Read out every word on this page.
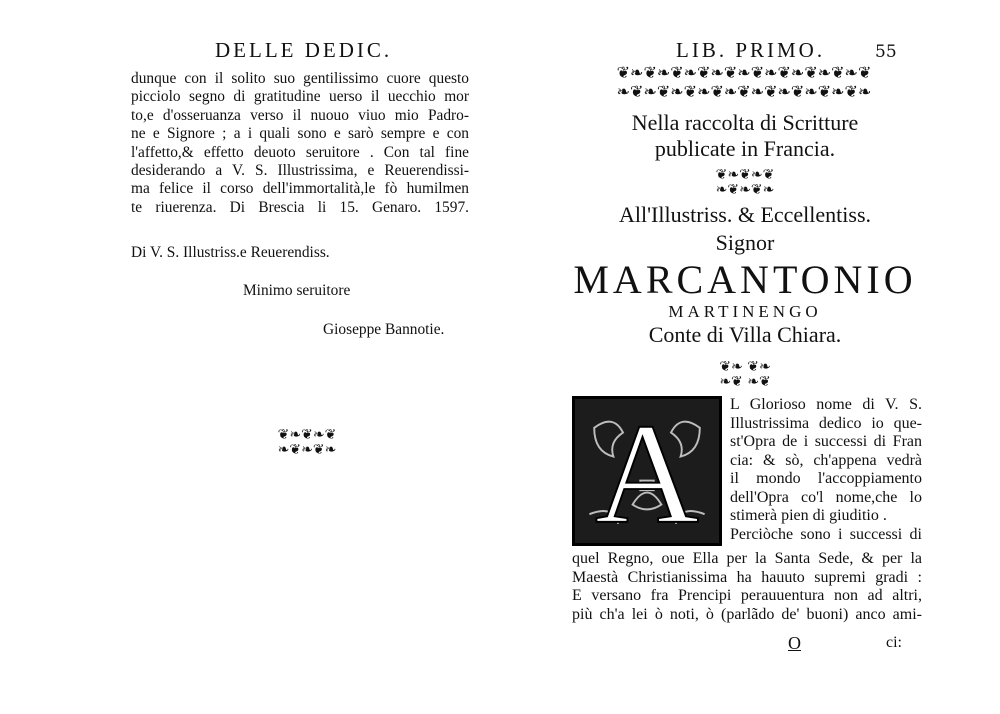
DELLE DEDIC.
dunque con il solito suo gentilissimo cuore questo
picciolo segno di gratitudine uerso il uecchio mor
to,e d'osseruanza verso il nuouo viuo mio Padro-
ne e Signore ; a i quali sono e sarò sempre e con
l'affetto,& effetto deuoto seruitore . Con tal fine
desiderando a V. S. Illustrissima, e Reuerendissi-
ma felice il corso dell'immortalità,le fò humilmen
te riuerenza. Di Brescia li 15. Genaro. 1597.
Di V. S. Illustriss.e Reuerendiss.
Minimo seruitore
Gioseppe Bannotie.
❦❧❦❧❦
❧❦❧❦❧
LIB. PRIMO.	55
❦❧❦❧❦❧❦❧❦❧❦❧❦❧❦❧❦❧❦
❧❦❧❦❧❦❧❦❧❦❧❦❧❦❧❦❧❦❧
Nella raccolta di Scritture
publicate in Francia.
❦❧❦❧❦
❧❦❧❦❧
All'Illustriss. & Eccellentiss.
Signor
MARCANTONIO
MARTINENGO
Conte di Villa Chiara.
❦❧ ❦❧
❧❦ ❧❦
A L Glorioso nome di V. S.
Illustrissima dedico io que-
st'Opra de i successi di Fran
cia: & sò, ch'appena vedrà
il mondo l'accoppiamento
dell'Opra co'l nome,che lo
stimerà pien di giuditio .
Perciòche sono i successi di
quel Regno, oue Ella per la Santa Sede, & per la
Maestà Christianissima ha hauuto supremi gradi :
E versano fra Prencipi perauuentura non ad altri,
più ch'a lei ò noti, ò (parlãdo de' buoni) anco ami-
O	ci:
